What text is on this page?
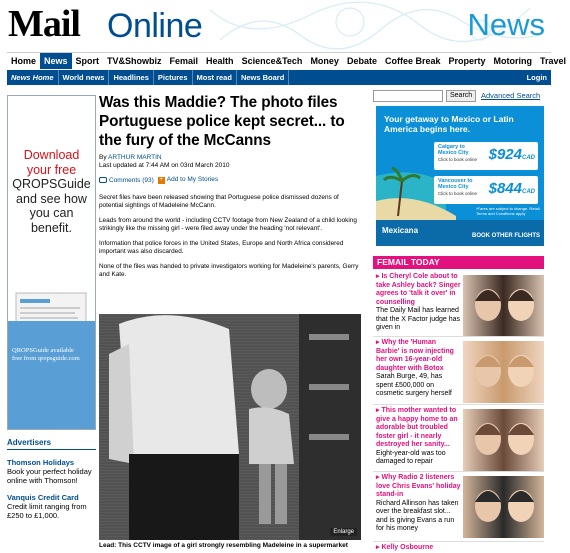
Mail Online	News
Home News Sport TV&Showbiz Femail Health Science&Tech Money Debate Coffee Break Property Motoring Travel
News Home	World news	Headlines	Pictures	Most read	News Board	Login
Download
your free
QROPSGuide
and see how
you can
benefit.
QROPSGuide available
free from qropsguide.com
Advertisers
Thomson Holidays
Book your perfect holiday online with Thomson!
Vanquis Credit Card
Credit limit ranging from £250 to £1,000.
Was this Maddie? The photo files Portuguese police kept secret... to the fury of the McCanns
By ARTHUR MARTIN
Last updated at 7:44 AM on 03rd March 2010
Comments (93) + Add to My Stories

Secret files have been released showing that Portuguese police dismissed dozens of potential sightings of Madeleine McCann.

Leads from around the world - including CCTV footage from New Zealand of a child looking strikingly like the missing girl - were filed away under the heading 'not relevant'.

Information that police forces in the United States, Europe and North Africa considered important was also discarded.

None of the files was handed to private investigators working for Madeleine's parents, Gerry and Kate.

Enlarge
Lead: This CCTV image of a girl strongly resembling Madeleine in a supermarket
Search	Advanced Search
Your getaway to Mexico or Latin America begins here.
Calgary to Mexico City
Click to book online $924CAD
Vancouver to Mexico City
Click to book online $844CAD
*Fares are subject to change. Retail Terms and Conditions apply
Mexicana
BOOK OTHER FLIGHTS
FEMAIL TODAY
▸ Is Cheryl Cole about to take Ashley back? Singer agrees to 'talk it over' in counselling
The Daily Mail has learned that the X Factor judge has given in
▸ Why the 'Human Barbie' is now injecting her own 16-year-old daughter with Botox
Sarah Burge, 49, has spent £500,000 on cosmetic surgery herself
▸ This mother wanted to give a happy home to an adorable but troubled foster girl - it nearly destroyed her sanity...
Eight-year-old was too damaged to repair
▸ Why Radio 2 listeners love Chris Evans' holiday stand-in
Richard Allinson has taken over the breakfast slot... and is giving Evans a run for his money
▸ Kelly Osbourne
